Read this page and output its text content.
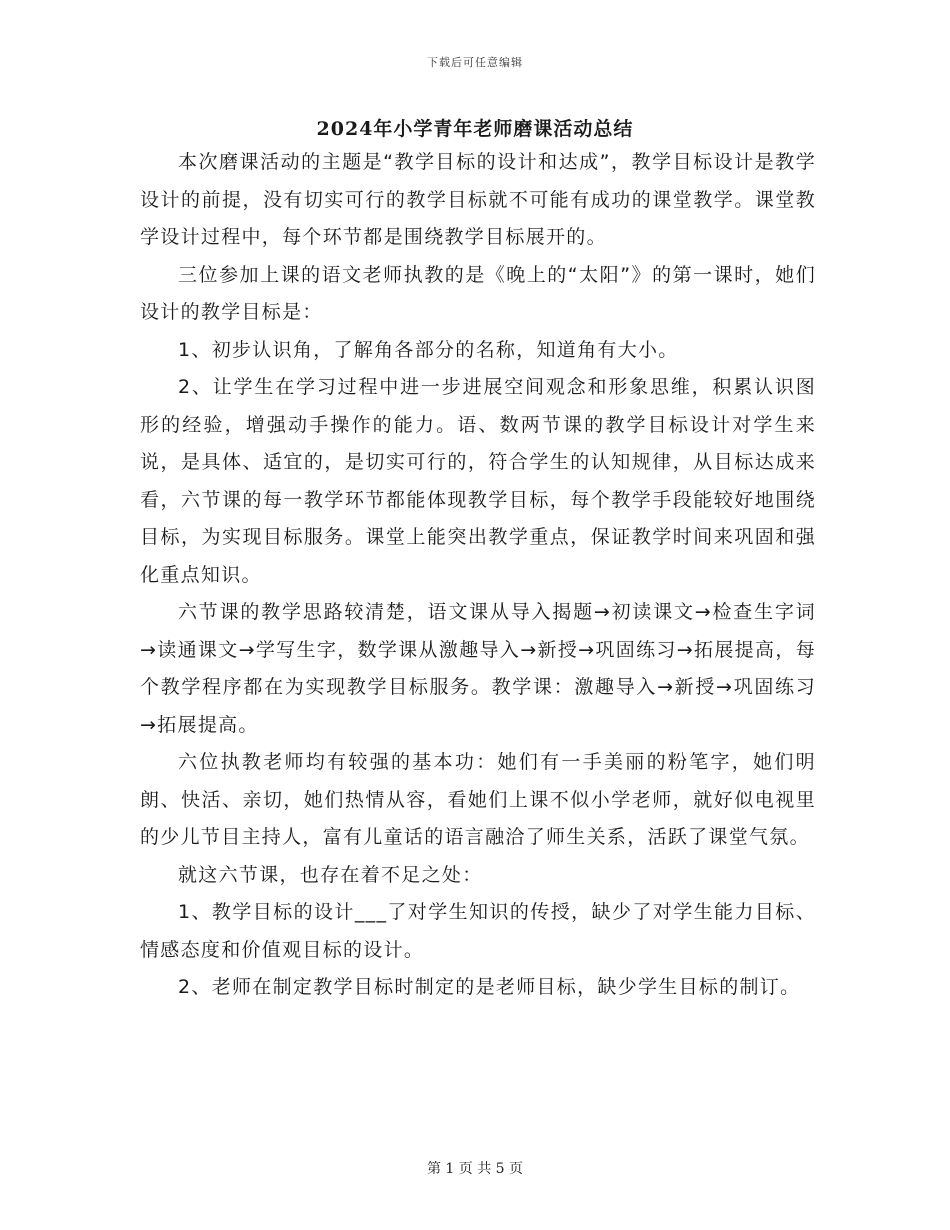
下载后可任意编辑
2024年小学青年老师磨课活动总结

本次磨课活动的主题是“教学目标的设计和达成”，教学目标设计是教学设计的前提，没有切实可行的教学目标就不可能有成功的课堂教学。课堂教学设计过程中，每个环节都是围绕教学目标展开的。

三位参加上课的语文老师执教的是《晚上的“太阳”》的第一课时，她们设计的教学目标是：

1、初步认识角，了解角各部分的名称，知道角有大小。

2、让学生在学习过程中进一步进展空间观念和形象思维，积累认识图形的经验，增强动手操作的能力。语、数两节课的教学目标设计对学生来说，是具体、适宜的，是切实可行的，符合学生的认知规律，从目标达成来看，六节课的每一教学环节都能体现教学目标，每个教学手段能较好地围绕目标，为实现目标服务。课堂上能突出教学重点，保证教学时间来巩固和强化重点知识。

六节课的教学思路较清楚，语文课从导入揭题→初读课文→检查生字词→读通课文→学写生字，数学课从激趣导入→新授→巩固练习→拓展提高，每个教学程序都在为实现教学目标服务。教学课：激趣导入→新授→巩固练习→拓展提高。

六位执教老师均有较强的基本功：她们有一手美丽的粉笔字，她们明朗、快活、亲切，她们热情从容，看她们上课不似小学老师，就好似电视里的少儿节目主持人，富有儿童话的语言融洽了师生关系，活跃了课堂气氛。

就这六节课，也存在着不足之处：

1、教学目标的设计___了对学生知识的传授，缺少了对学生能力目标、情感态度和价值观目标的设计。

2、老师在制定教学目标时制定的是老师目标，缺少学生目标的制订。

第 1 页 共 5 页
